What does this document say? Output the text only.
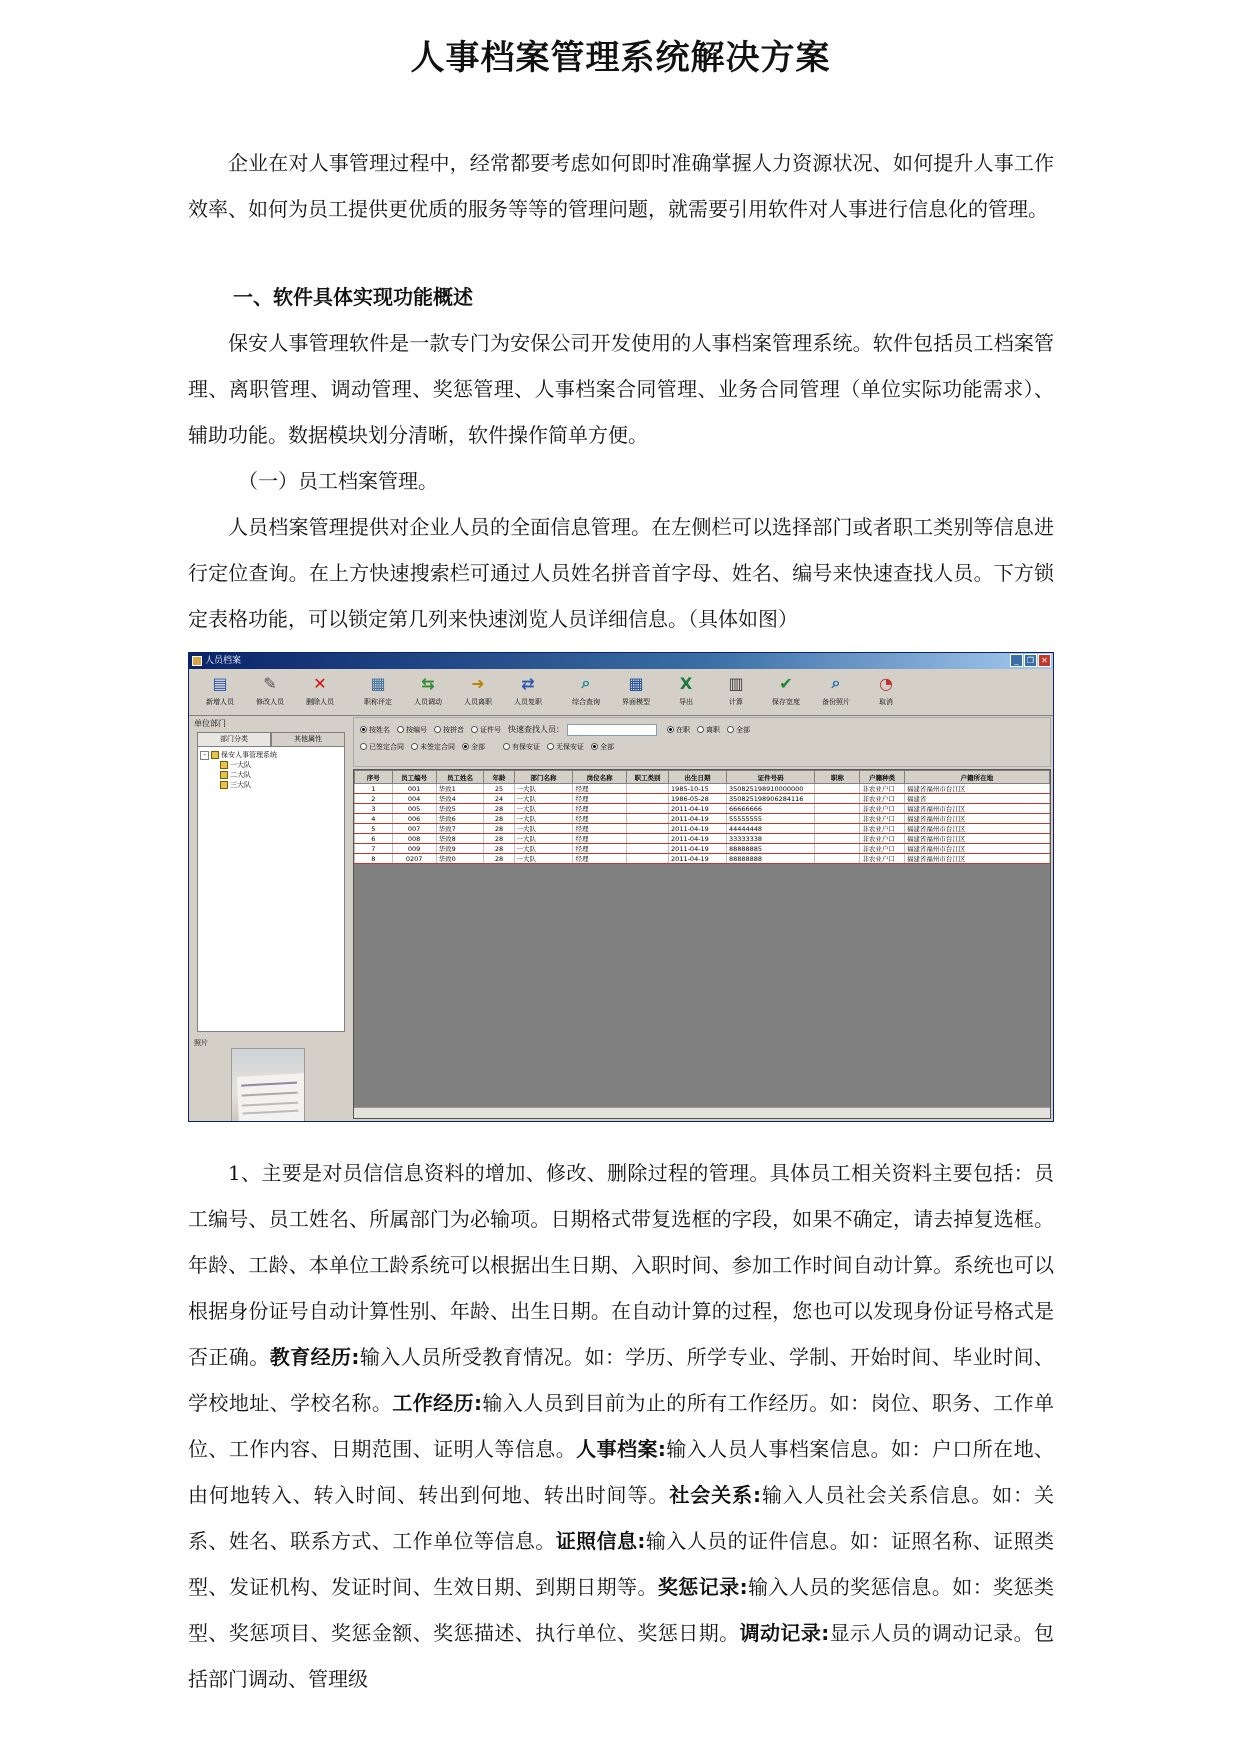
人事档案管理系统解决方案

企业在对人事管理过程中，经常都要考虑如何即时准确掌握人力资源状况、如何提升人事工作效率、如何为员工提供更优质的服务等等的管理问题，就需要引用软件对人事进行信息化的管理。

一、软件具体实现功能概述

保安人事管理软件是一款专门为安保公司开发使用的人事档案管理系统。软件包括员工档案管理、离职管理、调动管理、奖惩管理、人事档案合同管理、业务合同管理（单位实际功能需求）、辅助功能。数据模块划分清晰，软件操作简单方便。

（一）员工档案管理。

人员档案管理提供对企业人员的全面信息管理。在左侧栏可以选择部门或者职工类别等信息进行定位查询。在上方快速搜索栏可通过人员姓名拼音首字母、姓名、编号来快速查找人员。下方锁定表格功能，可以锁定第几列来快速浏览人员详细信息。（具体如图）

人员档案	_	❐ ✕
▤
新增人员
✎
修改人员
✕
删除人员
▦
职称评定
⇆
人员调动
➜
人员离职
⇄
人员复职
⌕
综合查询
▦
界面模型
X
导出
▥
计算
✔
保存宽度
⌕
备份照片
◔
取消
单位部门
部门分类	其他属性
-	保安人事管理系统
一大队
二大队
三大队
照片
按姓名 按编号 按拼音 证件号 快速查找人员：	在职 离职 全部
已签定合同 未签定合同 全部	有保安证 无保安证 全部
序号	员工编号	员工姓名	年龄	部门名称	岗位名称	职工类别	出生日期	证件号码	职称	户籍种类	户籍所在地
1	001	华致1	25	一大队	经理		1985-10-15	350825198910000000		非农业户口	福建省福州市台江区
2	004	华致4	24	一大队	经理		1986-05-28	350825198906284116		非农业户口	福建省
3	005	华致5	28	一大队	经理		2011-04-19	66666666		非农业户口	福建省福州市台江区
4	006	华致6	28	一大队	经理		2011-04-19	55555555		非农业户口	福建省福州市台江区
5	007	华致7	28	一大队	经理		2011-04-19	44444448		非农业户口	福建省福州市台江区
6	008	华致8	28	一大队	经理		2011-04-19	33333338		非农业户口	福建省福州市台江区
7	009	华致9	28	一大队	经理		2011-04-19	88888885		非农业户口	福建省福州市台江区
8	0207	华致0	28	一大队	经理		2011-04-19	88888888		非农业户口	福建省福州市台江区

1、主要是对员信信息资料的增加、修改、删除过程的管理。具体员工相关资料主要包括：员工编号、员工姓名、所属部门为必输项。日期格式带复选框的字段，如果不确定，请去掉复选框。年龄、工龄、本单位工龄系统可以根据出生日期、入职时间、参加工作时间自动计算。系统也可以根据身份证号自动计算性别、年龄、出生日期。在自动计算的过程，您也可以发现身份证号格式是否正确。教育经历:输入人员所受教育情况。如：学历、所学专业、学制、开始时间、毕业时间、学校地址、学校名称。工作经历:输入人员到目前为止的所有工作经历。如：岗位、职务、工作单位、工作内容、日期范围、证明人等信息。人事档案:输入人员人事档案信息。如：户口所在地、由何地转入、转入时间、转出到何地、转出时间等。社会关系:输入人员社会关系信息。如：关系、姓名、联系方式、工作单位等信息。证照信息:输入人员的证件信息。如：证照名称、证照类型、发证机构、发证时间、生效日期、到期日期等。奖惩记录:输入人员的奖惩信息。如：奖惩类型、奖惩项目、奖惩金额、奖惩描述、执行单位、奖惩日期。调动记录:显示人员的调动记录。包括部门调动、管理级
